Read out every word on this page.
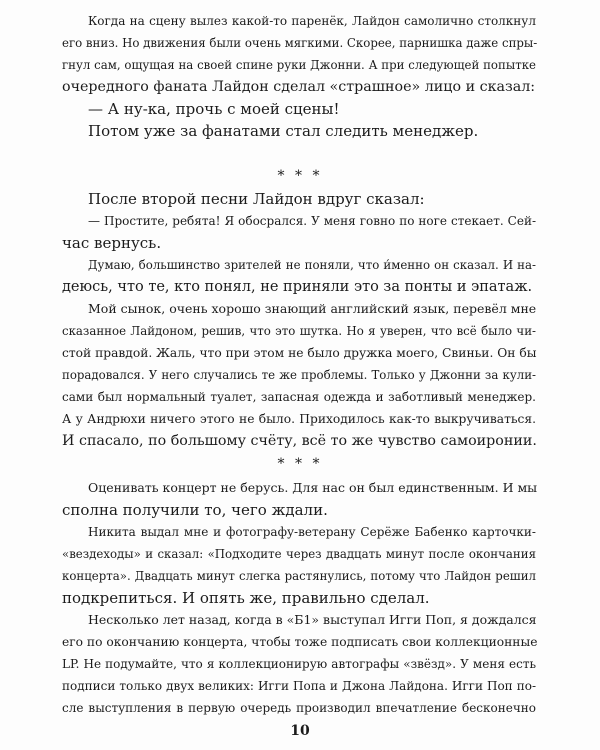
Когда на сцену вылез какой-то паренёк, Лайдон самолично столкнул
его вниз. Но движения были очень мягкими. Скорее, парнишка даже спры-
гнул сам, ощущая на своей спине руки Джонни. А при следующей попытке
очередного фаната Лайдон сделал «страшное» лицо и сказал:
— А ну-ка, прочь с моей сцены!
Потом уже за фанатами стал следить менеджер.
* * *
После второй песни Лайдон вдруг сказал:
— Простите, ребята! Я обосрался. У меня говно по ноге стекает. Сей-
час вернусь.
Думаю, большинство зрителей не поняли, что и́менно он сказал. И на-
деюсь, что те, кто понял, не приняли это за понты и эпатаж.
Мой сынок, очень хорошо знающий английский язык, перевёл мне
сказанное Лайдоном, решив, что это шутка. Но я уверен, что всё было чи-
стой правдой. Жаль, что при этом не было дружка моего, Свиньи. Он бы
порадовался. У него случались те же проблемы. Только у Джонни за кули-
сами был нормальный туалет, запасная одежда и заботливый менеджер.
А у Андрюхи ничего этого не было. Приходилось как-то выкручиваться.
И спасало, по большому счёту, всё то же чувство самоиронии.
* * *
Оценивать концерт не берусь. Для нас он был единственным. И мы
сполна получили то, чего ждали.
Никита выдал мне и фотографу-ветерану Серёже Бабенко карточки-
«вездеходы» и сказал: «Подходите через двадцать минут после окончания
концерта». Двадцать минут слегка растянулись, потому что Лайдон решил
подкрепиться. И опять же, правильно сделал.
Несколько лет назад, когда в «Б1» выступал Игги Поп, я дождался
его по окончанию концерта, чтобы тоже подписать свои коллекционные
LP. Не подумайте, что я коллекционирую автографы «звёзд». У меня есть
подписи только двух великих: Игги Попа и Джона Лайдона. Игги Поп по-
сле выступления в первую очередь производил впечатление бесконечно
10
